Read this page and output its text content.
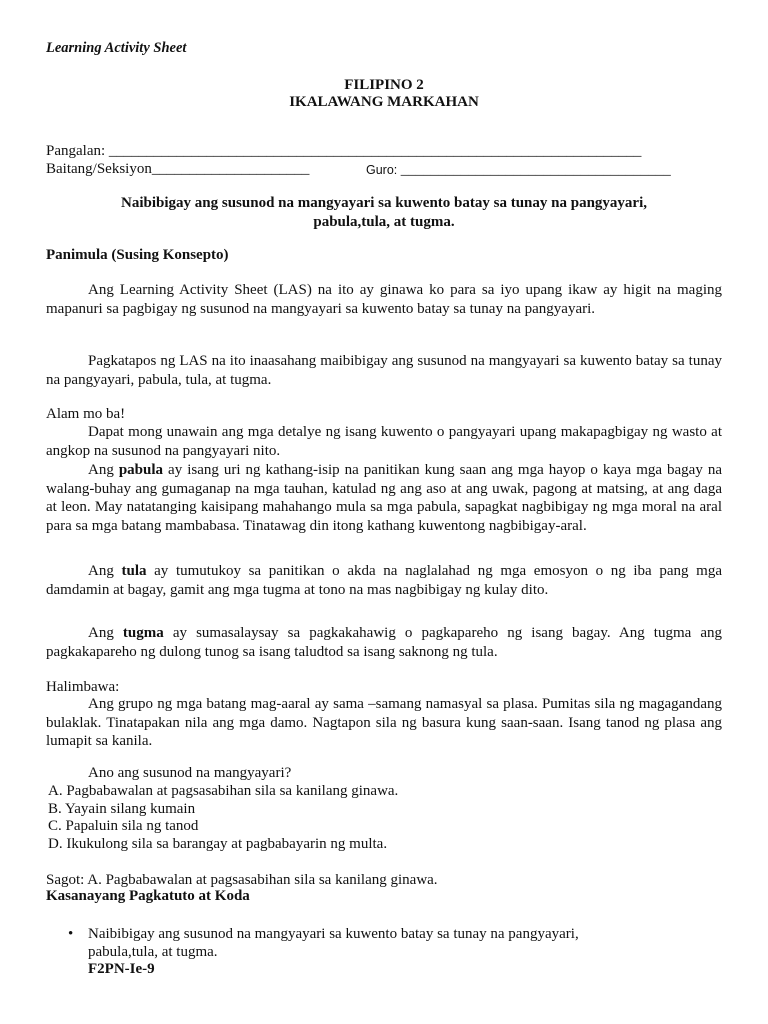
Learning Activity Sheet
FILIPINO 2
IKALAWANG MARKAHAN
Pangalan: _______________________________________________________________________
Baitang/Seksiyon_____________________	Guro: ____________________________________
Naibibigay ang susunod na mangyayari sa kuwento batay sa tunay na pangyayari,
pabula,tula, at tugma.
Panimula (Susing Konsepto)
Ang Learning Activity Sheet (LAS) na ito ay ginawa ko para sa iyo upang ikaw ay higit na maging mapanuri sa pagbigay ng susunod na mangyayari sa kuwento batay sa tunay na pangyayari.
Pagkatapos ng LAS na ito inaasahang maibibigay ang susunod na mangyayari sa kuwento batay sa tunay na pangyayari, pabula, tula, at tugma.
Alam mo ba!
Dapat mong unawain ang mga detalye ng isang kuwento o pangyayari upang makapagbigay ng wasto at angkop na susunod na pangyayari nito.
Ang pabula ay isang uri ng kathang-isip na panitikan kung saan ang mga hayop o kaya mga bagay na walang-buhay ang gumaganap na mga tauhan, katulad ng ang aso at ang uwak, pagong at matsing, at ang daga at leon. May natatanging kaisipang mahahango mula sa mga pabula, sapagkat nagbibigay ng mga moral na aral para sa mga batang mambabasa. Tinatawag din itong kathang kuwentong nagbibigay-aral.
Ang tula ay tumutukoy sa panitikan o akda na naglalahad ng mga emosyon o ng iba pang mga damdamin at bagay, gamit ang mga tugma at tono na mas nagbibigay ng kulay dito.
Ang tugma ay sumasalaysay sa pagkakahawig o pagkapareho ng isang bagay. Ang tugma ang pagkakapareho ng dulong tunog sa isang taludtod sa isang saknong ng tula.
Halimbawa:
Ang grupo ng mga batang mag-aaral ay sama –samang namasyal sa plasa. Pumitas sila ng magagandang bulaklak. Tinatapakan nila ang mga damo. Nagtapon sila ng basura kung saan-saan. Isang tanod ng plasa ang lumapit sa kanila.
Ano ang susunod na mangyayari?
A. Pagbabawalan at pagsasabihan sila sa kanilang ginawa.
B. Yayain silang kumain
C. Papaluin sila ng tanod
D. Ikukulong sila sa barangay at pagbabayarin ng multa.
Sagot: A. Pagbabawalan at pagsasabihan sila sa kanilang ginawa.
Kasanayang Pagkatuto at Koda
• Naibibigay ang susunod na mangyayari sa kuwento batay sa tunay na pangyayari,
pabula,tula, at tugma.
F2PN-Ie-9
